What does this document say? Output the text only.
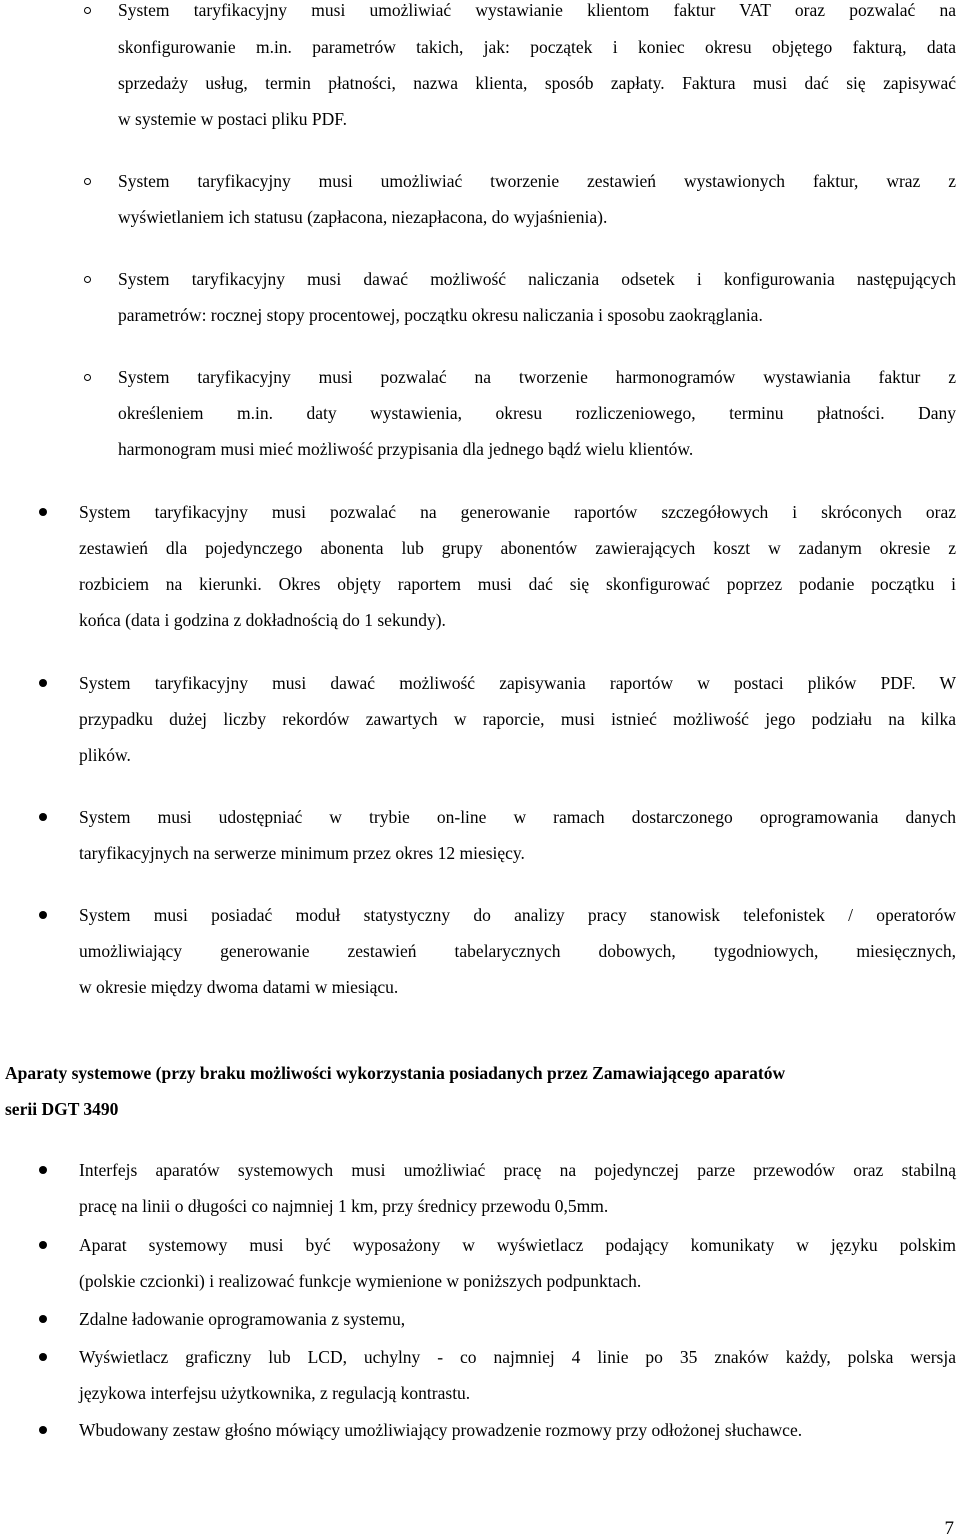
System taryfikacyjny musi umożliwiać wystawianie klientom faktur VAT oraz pozwalać na
skonfigurowanie m.in. parametrów takich, jak: początek i koniec okresu objętego fakturą, data
sprzedaży usług, termin płatności, nazwa klienta, sposób zapłaty. Faktura musi dać się zapisywać
w systemie w postaci pliku PDF.
System taryfikacyjny musi umożliwiać tworzenie zestawień wystawionych faktur, wraz z
wyświetlaniem ich statusu (zapłacona, niezapłacona, do wyjaśnienia).
System taryfikacyjny musi dawać możliwość naliczania odsetek i konfigurowania następujących
parametrów: rocznej stopy procentowej, początku okresu naliczania i sposobu zaokrąglania.
System taryfikacyjny musi pozwalać na tworzenie harmonogramów wystawiania faktur z
określeniem m.in. daty wystawienia, okresu rozliczeniowego, terminu płatności. Dany
harmonogram musi mieć możliwość przypisania dla jednego bądź wielu klientów.
System taryfikacyjny musi pozwalać na generowanie raportów szczegółowych i skróconych oraz
zestawień dla pojedynczego abonenta lub grupy abonentów zawierających koszt w zadanym okresie z
rozbiciem na kierunki. Okres objęty raportem musi dać się skonfigurować poprzez podanie początku i
końca (data i godzina z dokładnością do 1 sekundy).
System taryfikacyjny musi dawać możliwość zapisywania raportów w postaci plików PDF. W
przypadku dużej liczby rekordów zawartych w raporcie, musi istnieć możliwość jego podziału na kilka
plików.
System musi udostępniać w trybie on-line w ramach dostarczonego oprogramowania danych
taryfikacyjnych na serwerze minimum przez okres 12 miesięcy.
System musi posiadać moduł statystyczny do analizy pracy stanowisk telefonistek / operatorów
umożliwiający generowanie zestawień tabelarycznych dobowych, tygodniowych, miesięcznych,
w okresie między dwoma datami w miesiącu.
Aparaty systemowe (przy braku możliwości wykorzystania posiadanych przez Zamawiającego aparatów
serii DGT 3490
Interfejs aparatów systemowych musi umożliwiać pracę na pojedynczej parze przewodów oraz stabilną
pracę na linii o długości co najmniej 1 km, przy średnicy przewodu 0,5mm.
Aparat systemowy musi być wyposażony w wyświetlacz podający komunikaty w języku polskim
(polskie czcionki) i realizować funkcje wymienione w poniższych podpunktach.
Zdalne ładowanie oprogramowania z systemu,
Wyświetlacz graficzny lub LCD, uchylny - co najmniej 4 linie po 35 znaków każdy, polska wersja
językowa interfejsu użytkownika, z regulacją kontrastu.
Wbudowany zestaw głośno mówiący umożliwiający prowadzenie rozmowy przy odłożonej słuchawce.
7
